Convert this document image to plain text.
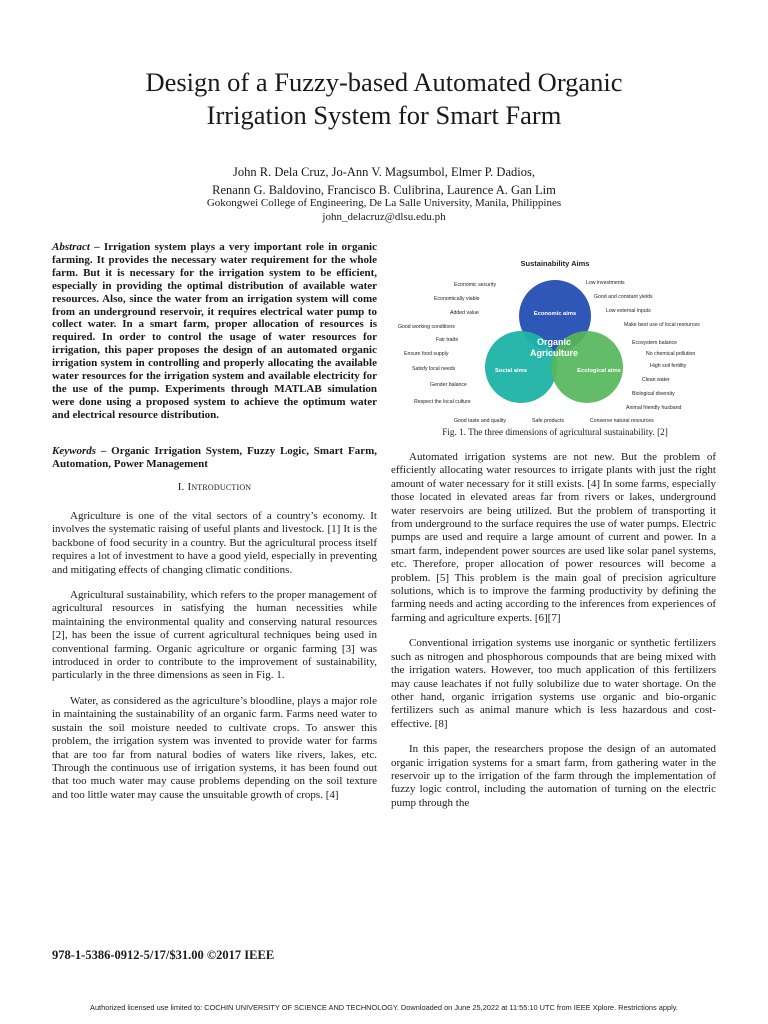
Design of a Fuzzy-based Automated Organic
Irrigation System for Smart Farm
John R. Dela Cruz, Jo-Ann V. Magsumbol, Elmer P. Dadios,
Renann G. Baldovino, Francisco B. Culibrina, Laurence A. Gan Lim
Gokongwei College of Engineering, De La Salle University, Manila, Philippines
john_delacruz@dlsu.edu.ph

Abstract – Irrigation system plays a very important role in organic farming. It provides the necessary water requirement for the whole farm. But it is necessary for the irrigation system to be efficient, especially in providing the optimal distribution of available water resources. Also, since the water from an irrigation system will come from an underground reservoir, it requires electrical water pump to collect water. In a smart farm, proper allocation of resources is required. In order to control the usage of water resources for irrigation, this paper proposes the design of an automated organic irrigation system in controlling and properly allocating the available water resources for the irrigation system and available electricity for the use of the pump. Experiments through MATLAB simulation were done using a proposed system to achieve the optimum water and electrical resource distribution.

Keywords – Organic Irrigation System, Fuzzy Logic, Smart Farm, Automation, Power Management

I. Introduction

Agriculture is one of the vital sectors of a country’s economy. It involves the systematic raising of useful plants and livestock. [1] It is the backbone of food security in a country. But the agricultural process itself requires a lot of investment to have a good yield, especially in preventing and mitigating effects of changing climatic conditions.

Agricultural sustainability, which refers to the proper management of agricultural resources in satisfying the human necessities while maintaining the environmental quality and conserving natural resources [2], has been the issue of current agricultural techniques being used in conventional farming. Organic agriculture or organic farming [3] was introduced in order to contribute to the improvement of sustainability, particularly in the three dimensions as seen in Fig. 1.

Water, as considered as the agriculture’s bloodline, plays a major role in maintaining the sustainability of an organic farm. Farms need water to sustain the soil moisture needed to cultivate crops. To answer this problem, the irrigation system was invented to provide water for farms that are too far from natural bodies of waters like rivers, lakes, etc. Through the continuous use of irrigation systems, it has been found out that too much water may cause problems depending on the soil texture and too little water may cause the unsuitable growth of crops. [4]

Sustainability Aims
Economic aims
Social aims	Ecological aims
Organic
Agriculture
Economic security
Economically viable
Added value
Good working conditions
Fair trade
Ensure food supply
Satisfy local needs
Gender balance
Respect the local culture
Good taste and quality
Low investments
Good and constant yields
Low external inputs
Make best use of local resources
Ecosystem balance
No chemical pollution
High soil fertility
Clean water
Biological diversity
Animal friendly husband
Conserve natural resources
Safe products
Fig. 1. The three dimensions of agricultural sustainability. [2]

Automated irrigation systems are not new. But the problem of efficiently allocating water resources to irrigate plants with just the right amount of water necessary for it still exists. [4] In some farms, especially those located in elevated areas far from rivers or lakes, underground water reservoirs are being utilized. But the problem of transporting it from underground to the surface requires the use of water pumps. Electric pumps are used and require a large amount of current and power. In a smart farm, independent power sources are used like solar panel systems, etc. Therefore, proper allocation of power resources will become a problem. [5] This problem is the main goal of precision agriculture solutions, which is to improve the farming productivity by defining the farming needs and acting according to the inferences from experiences of farming and agriculture experts. [6][7]

Conventional irrigation systems use inorganic or synthetic fertilizers such as nitrogen and phosphorous compounds that are being mixed with the irrigation waters. However, too much application of this fertilizers may cause leachates if not fully solubilize due to water shortage. On the other hand, organic irrigation systems use organic and bio-organic fertilizers such as animal manure which is less hazardous and cost-effective. [8]

In this paper, the researchers propose the design of an automated organic irrigation systems for a smart farm, from gathering water in the reservoir up to the irrigation of the farm through the implementation of fuzzy logic control, including the automation of turning on the electric pump through the

978-1-5386-0912-5/17/$31.00 ©2017 IEEE
Authorized licensed use limited to: COCHIN UNIVERSITY OF SCIENCE AND TECHNOLOGY. Downloaded on June 25,2022 at 11:55:10 UTC from IEEE Xplore. Restrictions apply.
